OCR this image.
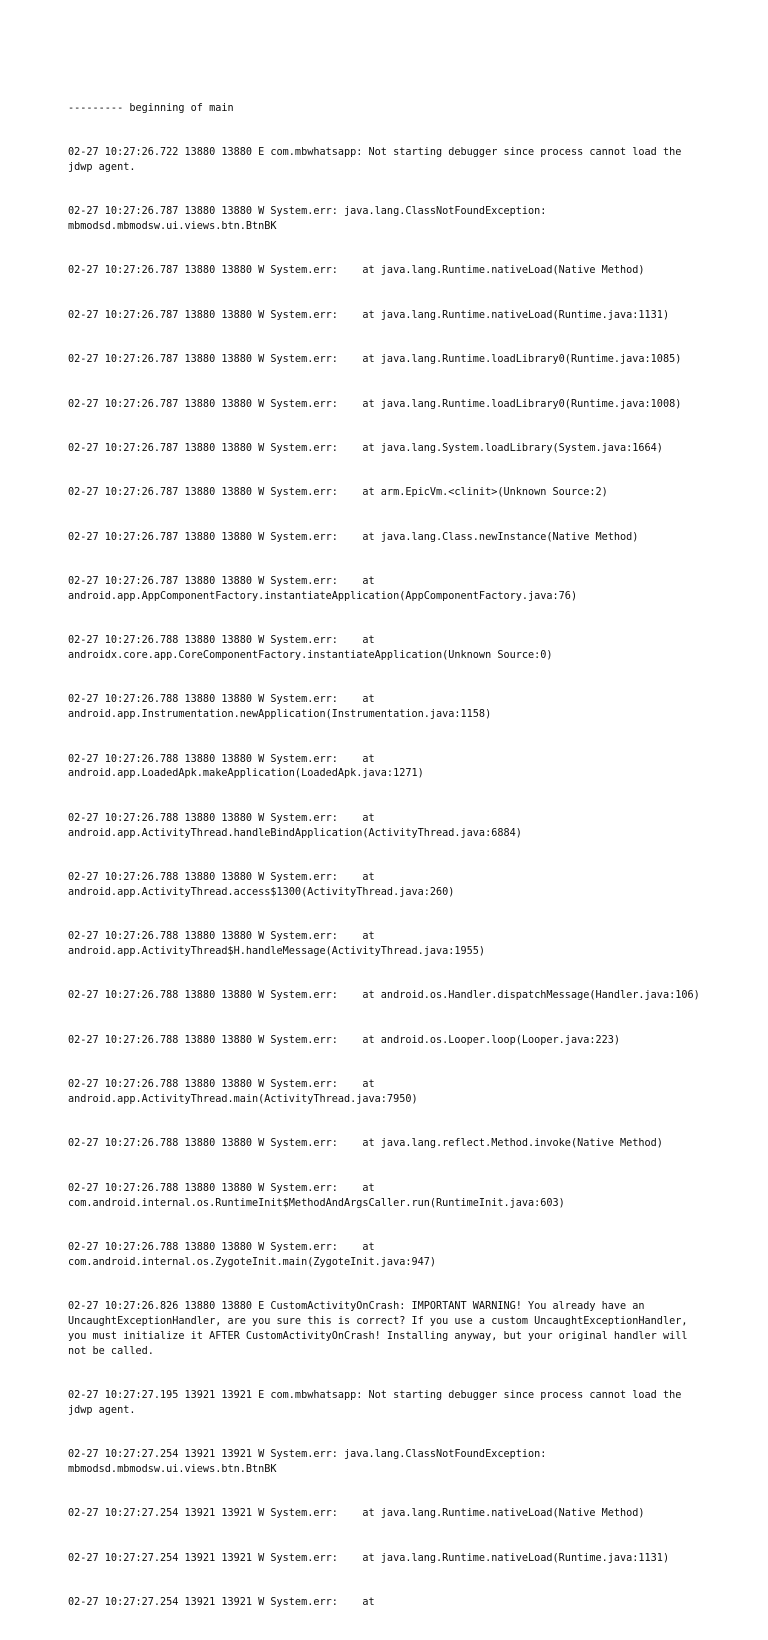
--------- beginning of main

02-27 10:27:26.722 13880 13880 E com.mbwhatsapp: Not starting debugger since process cannot load the jdwp agent.

02-27 10:27:26.787 13880 13880 W System.err: java.lang.ClassNotFoundException: mbmodsd.mbmodsw.ui.views.btn.BtnBK

02-27 10:27:26.787 13880 13880 W System.err:    at java.lang.Runtime.nativeLoad(Native Method)

02-27 10:27:26.787 13880 13880 W System.err:    at java.lang.Runtime.nativeLoad(Runtime.java:1131)

02-27 10:27:26.787 13880 13880 W System.err:    at java.lang.Runtime.loadLibrary0(Runtime.java:1085)

02-27 10:27:26.787 13880 13880 W System.err:    at java.lang.Runtime.loadLibrary0(Runtime.java:1008)

02-27 10:27:26.787 13880 13880 W System.err:    at java.lang.System.loadLibrary(System.java:1664)

02-27 10:27:26.787 13880 13880 W System.err:    at arm.EpicVm.<clinit>(Unknown Source:2)

02-27 10:27:26.787 13880 13880 W System.err:    at java.lang.Class.newInstance(Native Method)

02-27 10:27:26.787 13880 13880 W System.err:    at android.app.AppComponentFactory.instantiateApplication(AppComponentFactory.java:76)

02-27 10:27:26.788 13880 13880 W System.err:    at androidx.core.app.CoreComponentFactory.instantiateApplication(Unknown Source:0)

02-27 10:27:26.788 13880 13880 W System.err:    at android.app.Instrumentation.newApplication(Instrumentation.java:1158)

02-27 10:27:26.788 13880 13880 W System.err:    at android.app.LoadedApk.makeApplication(LoadedApk.java:1271)

02-27 10:27:26.788 13880 13880 W System.err:    at android.app.ActivityThread.handleBindApplication(ActivityThread.java:6884)

02-27 10:27:26.788 13880 13880 W System.err:    at android.app.ActivityThread.access$1300(ActivityThread.java:260)

02-27 10:27:26.788 13880 13880 W System.err:    at android.app.ActivityThread$H.handleMessage(ActivityThread.java:1955)

02-27 10:27:26.788 13880 13880 W System.err:    at android.os.Handler.dispatchMessage(Handler.java:106)

02-27 10:27:26.788 13880 13880 W System.err:    at android.os.Looper.loop(Looper.java:223)

02-27 10:27:26.788 13880 13880 W System.err:    at android.app.ActivityThread.main(ActivityThread.java:7950)

02-27 10:27:26.788 13880 13880 W System.err:    at java.lang.reflect.Method.invoke(Native Method)

02-27 10:27:26.788 13880 13880 W System.err:    at com.android.internal.os.RuntimeInit$MethodAndArgsCaller.run(RuntimeInit.java:603)

02-27 10:27:26.788 13880 13880 W System.err:    at com.android.internal.os.ZygoteInit.main(ZygoteInit.java:947)

02-27 10:27:26.826 13880 13880 E CustomActivityOnCrash: IMPORTANT WARNING! You already have an UncaughtExceptionHandler, are you sure this is correct? If you use a custom UncaughtExceptionHandler, you must initialize it AFTER CustomActivityOnCrash! Installing anyway, but your original handler will not be called.

02-27 10:27:27.195 13921 13921 E com.mbwhatsapp: Not starting debugger since process cannot load the jdwp agent.

02-27 10:27:27.254 13921 13921 W System.err: java.lang.ClassNotFoundException: mbmodsd.mbmodsw.ui.views.btn.BtnBK

02-27 10:27:27.254 13921 13921 W System.err:    at java.lang.Runtime.nativeLoad(Native Method)

02-27 10:27:27.254 13921 13921 W System.err:    at java.lang.Runtime.nativeLoad(Runtime.java:1131)

02-27 10:27:27.254 13921 13921 W System.err:    at
